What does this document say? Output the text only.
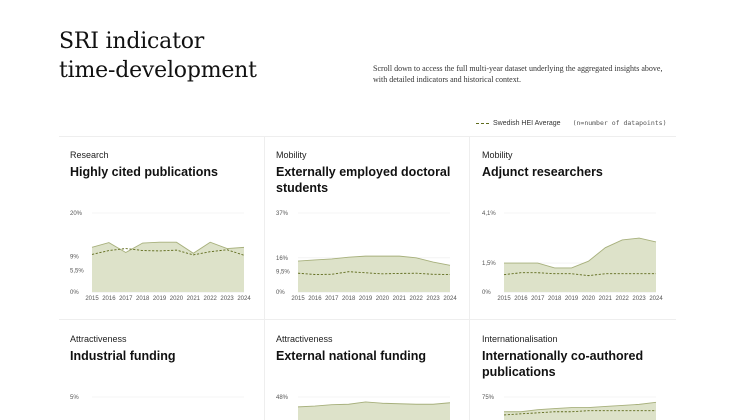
SRI indicator
time-development	Scroll down to access the full multi-year dataset underlying the aggregated insights above, with detailed indicators and historical context.

Swedish HEI Average (n=number of datapoints)
Research
Highly cited publications
20%
9%
5,5%
0%
2015 2016 2017 2018 2019 2020 2021 2022 2023 2024
Mobility
Externally employed doctoral students
37%
16%
9,5%
0%
2015 2016 2017 2018 2019 2020 2021 2022 2023 2024
Mobility
Adjunct researchers
4,1%
1,5%
0%
2015 2016 2017 2018 2019 2020 2021 2022 2023 2024
Attractiveness
Industrial funding
5%
Attractiveness
External national funding
48%
Internationalisation
Internationally co-authored publications
75%
